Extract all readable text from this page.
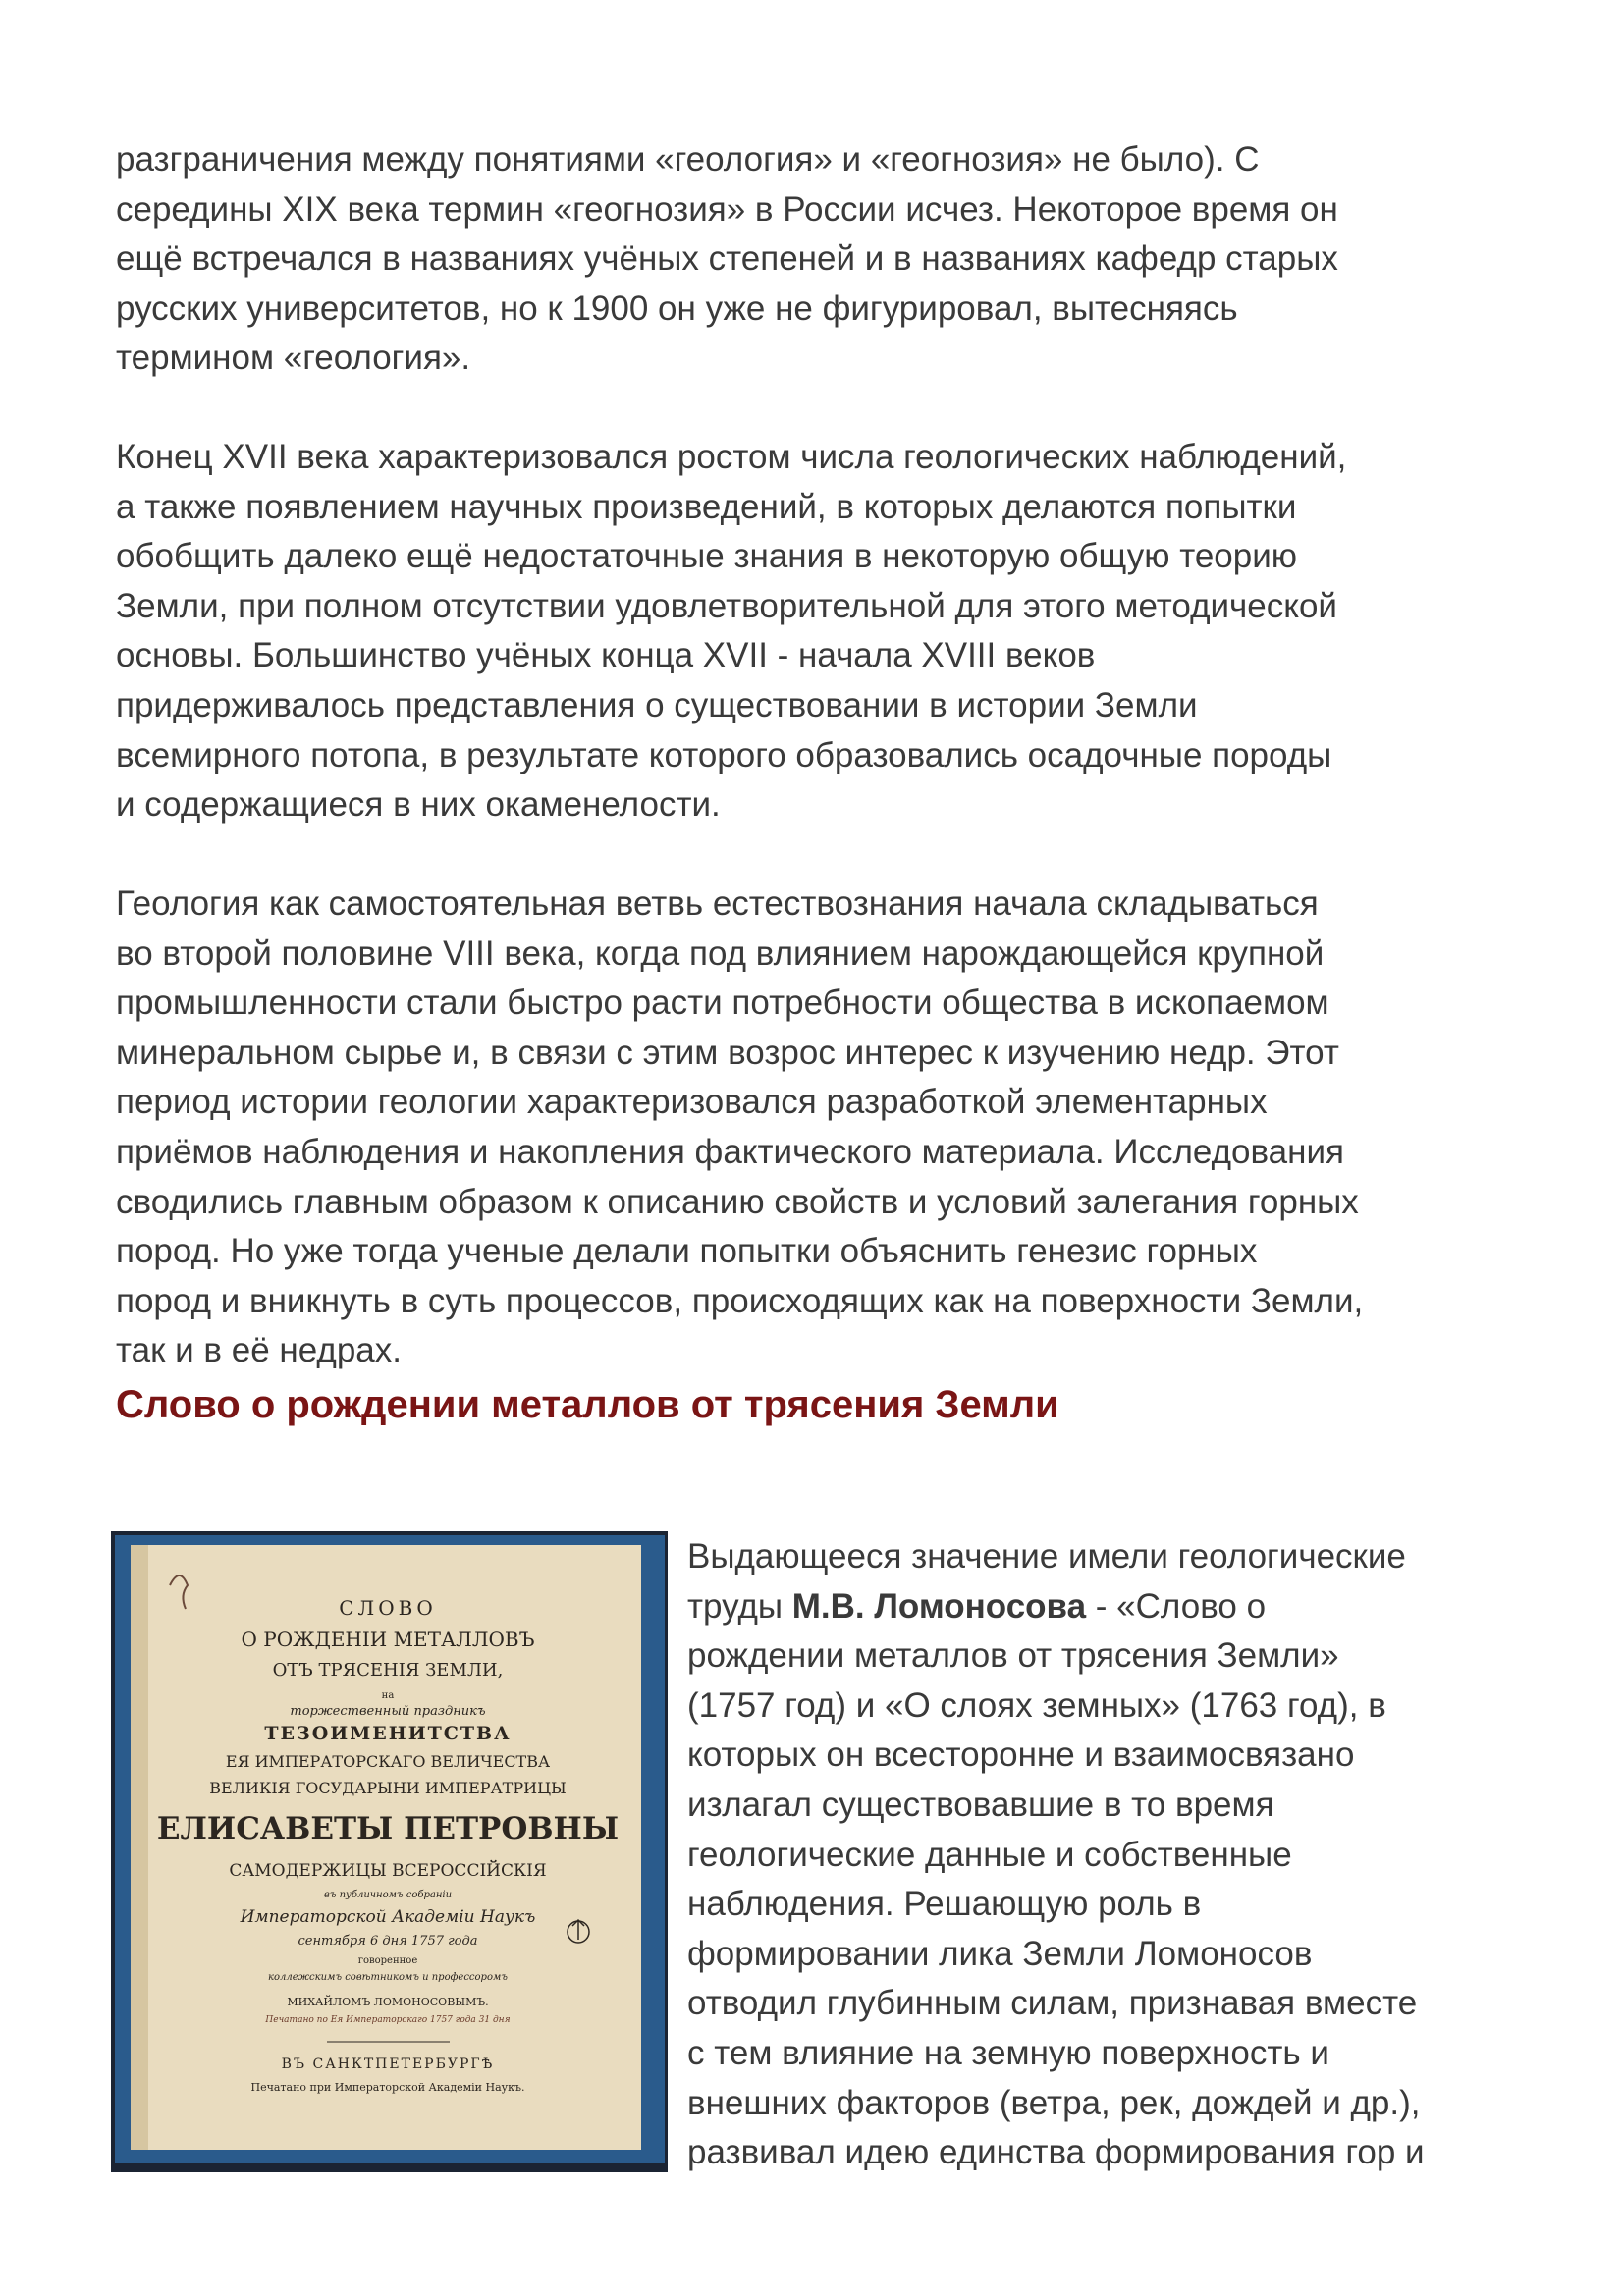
разграничения между понятиями «геология» и «геогнозия» не было). С
середины XIX века термин «геогнозия» в России исчез. Некоторое время он
ещё встречался в названиях учёных степеней и в названиях кафедр старых
русских университетов, но к 1900 он уже не фигурировал, вытесняясь
термином «геология».

Конец XVII века характеризовался ростом числа геологических наблюдений,
а также появлением научных произведений, в которых делаются попытки
обобщить далеко ещё недостаточные знания в некоторую общую теорию
Земли, при полном отсутствии удовлетворительной для этого методической
основы. Большинство учёных конца XVII - начала XVIII веков
придерживалось представления о существовании в истории Земли
всемирного потопа, в результате которого образовались осадочные породы
и содержащиеся в них окаменелости.

Геология как самостоятельная ветвь естествознания начала складываться
во второй половине VIII века, когда под влиянием нарождающейся крупной
промышленности стали быстро расти потребности общества в ископаемом
минеральном сырье и, в связи с этим возрос интерес к изучению недр. Этот
период истории геологии характеризовался разработкой элементарных
приёмов наблюдения и накопления фактического материала. Исследования
сводились главным образом к описанию свойств и условий залегания горных
пород. Но уже тогда ученые делали попытки объяснить генезис горных
пород и вникнуть в суть процессов, происходящих как на поверхности Земли,
так и в её недрах.

Слово о рождении металлов от трясения Земли
СЛОВО
О РОЖДЕНІИ МЕТАЛЛОВЪ
ОТЪ ТРЯСЕНІЯ ЗЕМЛИ,
на
торжественный праздникъ
ТЕЗОИМЕНИТСТВА
ЕЯ ИМПЕРАТОРСКАГО ВЕЛИЧЕСТВА
ВЕЛИКІЯ ГОСУДАРЫНИ ИМПЕРАТРИЦЫ
ЕЛИСАВЕТЫ ПЕТРОВНЫ
САМОДЕРЖИЦЫ ВСЕРОССІЙСКІЯ
въ публичномъ собраніи
Императорской Академіи Наукъ
сентября 6 дня 1757 года
говоренное
коллежскимъ совѣтникомъ и профессоромъ
МИХАЙЛОМЪ ЛОМОНОСОВЫМЪ.
Печатано по Ея Императорскаго 1757 года 31 дня
ВЪ САНКТПЕТЕРБУРГѢ
Печатано при Императорской Академіи Наукъ.
Выдающееся значение имели геологические
труды М.В. Ломоносова - «Слово о
рождении металлов от трясения Земли»
(1757 год) и «О слоях земных» (1763 год), в
которых он всесторонне и взаимосвязано
излагал существовавшие в то время
геологические данные и собственные
наблюдения. Решающую роль в
формировании лика Земли Ломоносов
отводил глубинным силам, признавая вместе
с тем влияние на земную поверхность и
внешних факторов (ветра, рек, дождей и др.),
развивал идею единства формирования гор и
